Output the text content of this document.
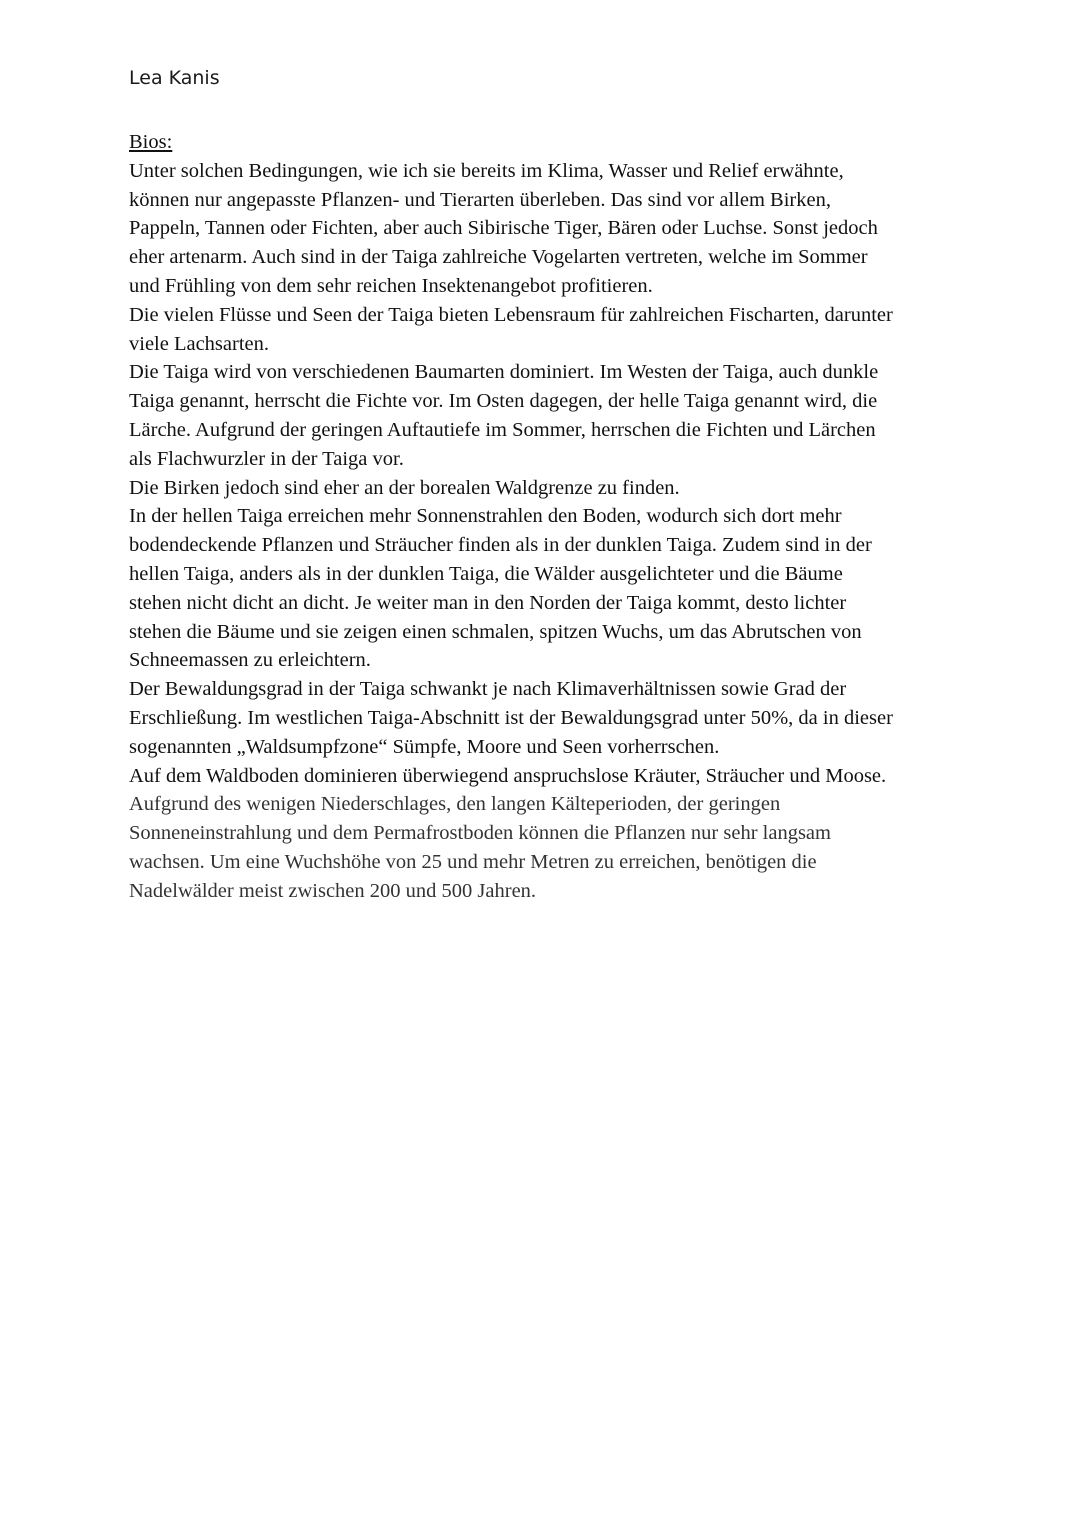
Lea Kanis
Bios:
Unter solchen Bedingungen, wie ich sie bereits im Klima, Wasser und Relief erwähnte,
können nur angepasste Pflanzen- und Tierarten überleben. Das sind vor allem Birken,
Pappeln, Tannen oder Fichten, aber auch Sibirische Tiger, Bären oder Luchse. Sonst jedoch
eher artenarm. Auch sind in der Taiga zahlreiche Vogelarten vertreten, welche im Sommer
und Frühling von dem sehr reichen Insektenangebot profitieren.
Die vielen Flüsse und Seen der Taiga bieten Lebensraum für zahlreichen Fischarten, darunter
viele Lachsarten.
Die Taiga wird von verschiedenen Baumarten dominiert. Im Westen der Taiga, auch dunkle
Taiga genannt, herrscht die Fichte vor. Im Osten dagegen, der helle Taiga genannt wird, die
Lärche. Aufgrund der geringen Auftautiefe im Sommer, herrschen die Fichten und Lärchen
als Flachwurzler in der Taiga vor.
Die Birken jedoch sind eher an der borealen Waldgrenze zu finden.
In der hellen Taiga erreichen mehr Sonnenstrahlen den Boden, wodurch sich dort mehr
bodendeckende Pflanzen und Sträucher finden als in der dunklen Taiga. Zudem sind in der
hellen Taiga, anders als in der dunklen Taiga, die Wälder ausgelichteter und die Bäume
stehen nicht dicht an dicht. Je weiter man in den Norden der Taiga kommt, desto lichter
stehen die Bäume und sie zeigen einen schmalen, spitzen Wuchs, um das Abrutschen von
Schneemassen zu erleichtern.
Der Bewaldungsgrad in der Taiga schwankt je nach Klimaverhältnissen sowie Grad der
Erschließung. Im westlichen Taiga-Abschnitt ist der Bewaldungsgrad unter 50%, da in dieser
sogenannten „Waldsumpfzone“ Sümpfe, Moore und Seen vorherrschen.
Auf dem Waldboden dominieren überwiegend anspruchslose Kräuter, Sträucher und Moose.
Aufgrund des wenigen Niederschlages, den langen Kälteperioden, der geringen
Sonneneinstrahlung und dem Permafrostboden können die Pflanzen nur sehr langsam
wachsen. Um eine Wuchshöhe von 25 und mehr Metren zu erreichen, benötigen die
Nadelwälder meist zwischen 200 und 500 Jahren.
